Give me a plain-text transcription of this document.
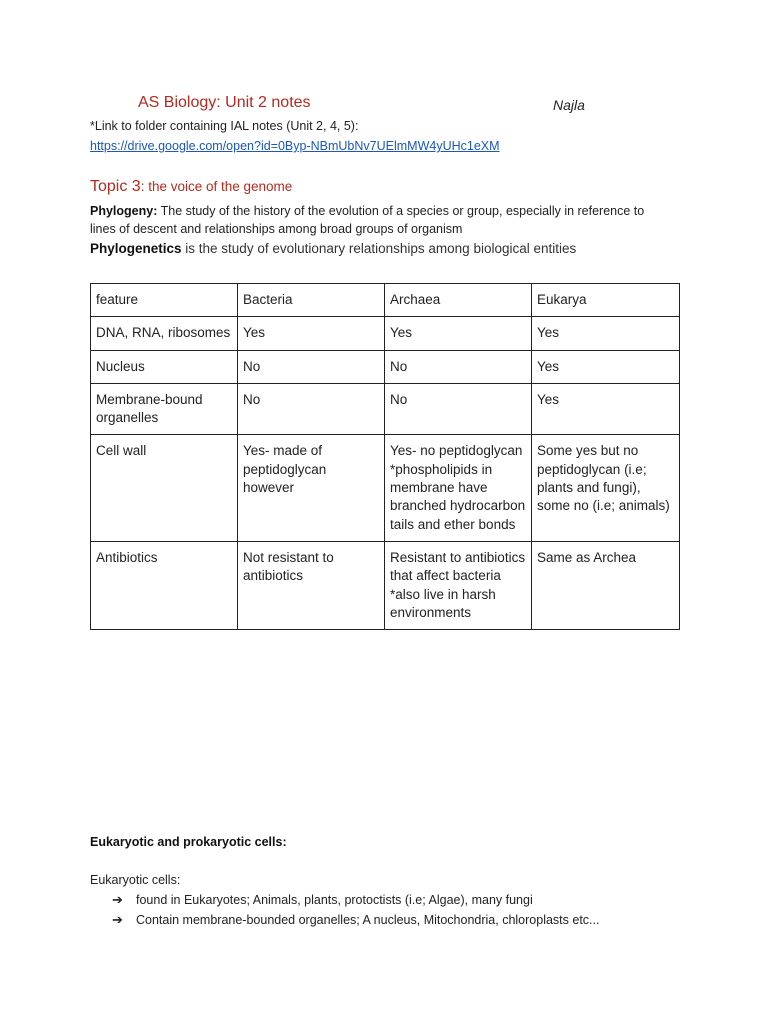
AS Biology: Unit 2 notes	Najla
*Link to folder containing IAL notes (Unit 2, 4, 5):
https://drive.google.com/open?id=0Byp-NBmUbNv7UElmMW4yUHc1eXM
Topic 3: the voice of the genome
Phylogeny: The study of the history of the evolution of a species or group, especially in reference to lines of descent and relationships among broad groups of organism
Phylogenetics is the study of evolutionary relationships among biological entities
feature	Bacteria	Archaea	Eukarya
DNA, RNA, ribosomes	Yes	Yes	Yes
Nucleus	No	No	Yes
Membrane-bound organelles	No	No	Yes
Cell wall	Yes- made of peptidoglycan however	Yes- no peptidoglycan *phospholipids in membrane have branched hydrocarbon tails and ether bonds	Some yes but no peptidoglycan (i.e; plants and fungi), some no (i.e; animals)
Antibiotics	Not resistant to antibiotics	Resistant to antibiotics that affect bacteria *also live in harsh environments	Same as Archea
Eukaryotic and prokaryotic cells:
Eukaryotic cells:
➔ found in Eukaryotes; Animals, plants, protoctists (i.e; Algae), many fungi
➔ Contain membrane-bounded organelles; A nucleus, Mitochondria, chloroplasts etc...
